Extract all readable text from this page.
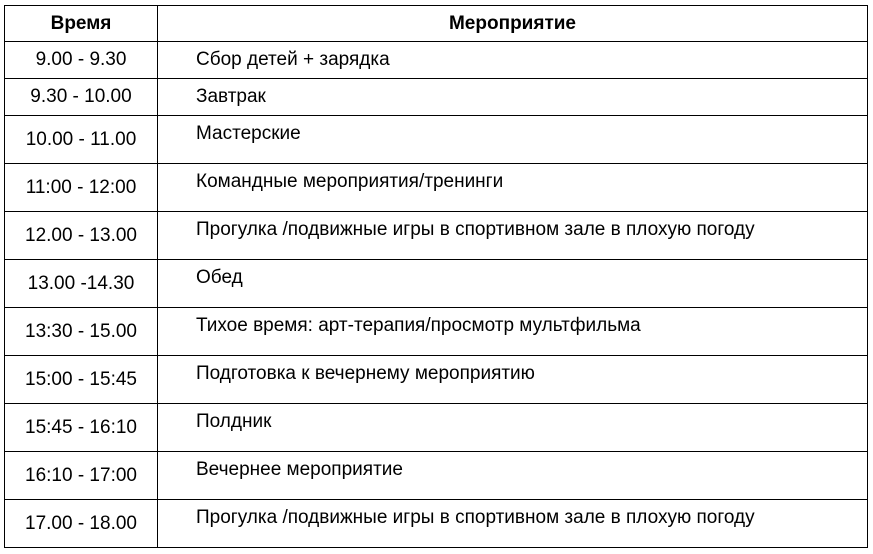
Время	Мероприятие
9.00 - 9.30	Сбор детей + зарядка
9.30 - 10.00	Завтрак
10.00 - 11.00	Мастерские
11:00 - 12:00	Командные мероприятия/тренинги
12.00 - 13.00	Прогулка /подвижные игры в спортивном зале в плохую погоду
13.00 -14.30	Обед
13:30 - 15.00	Тихое время: арт-терапия/просмотр мультфильма
15:00 - 15:45	Подготовка к вечернему мероприятию
15:45 - 16:10	Полдник
16:10 - 17:00	Вечернее мероприятие
17.00 - 18.00	Прогулка /подвижные игры в спортивном зале в плохую погоду
